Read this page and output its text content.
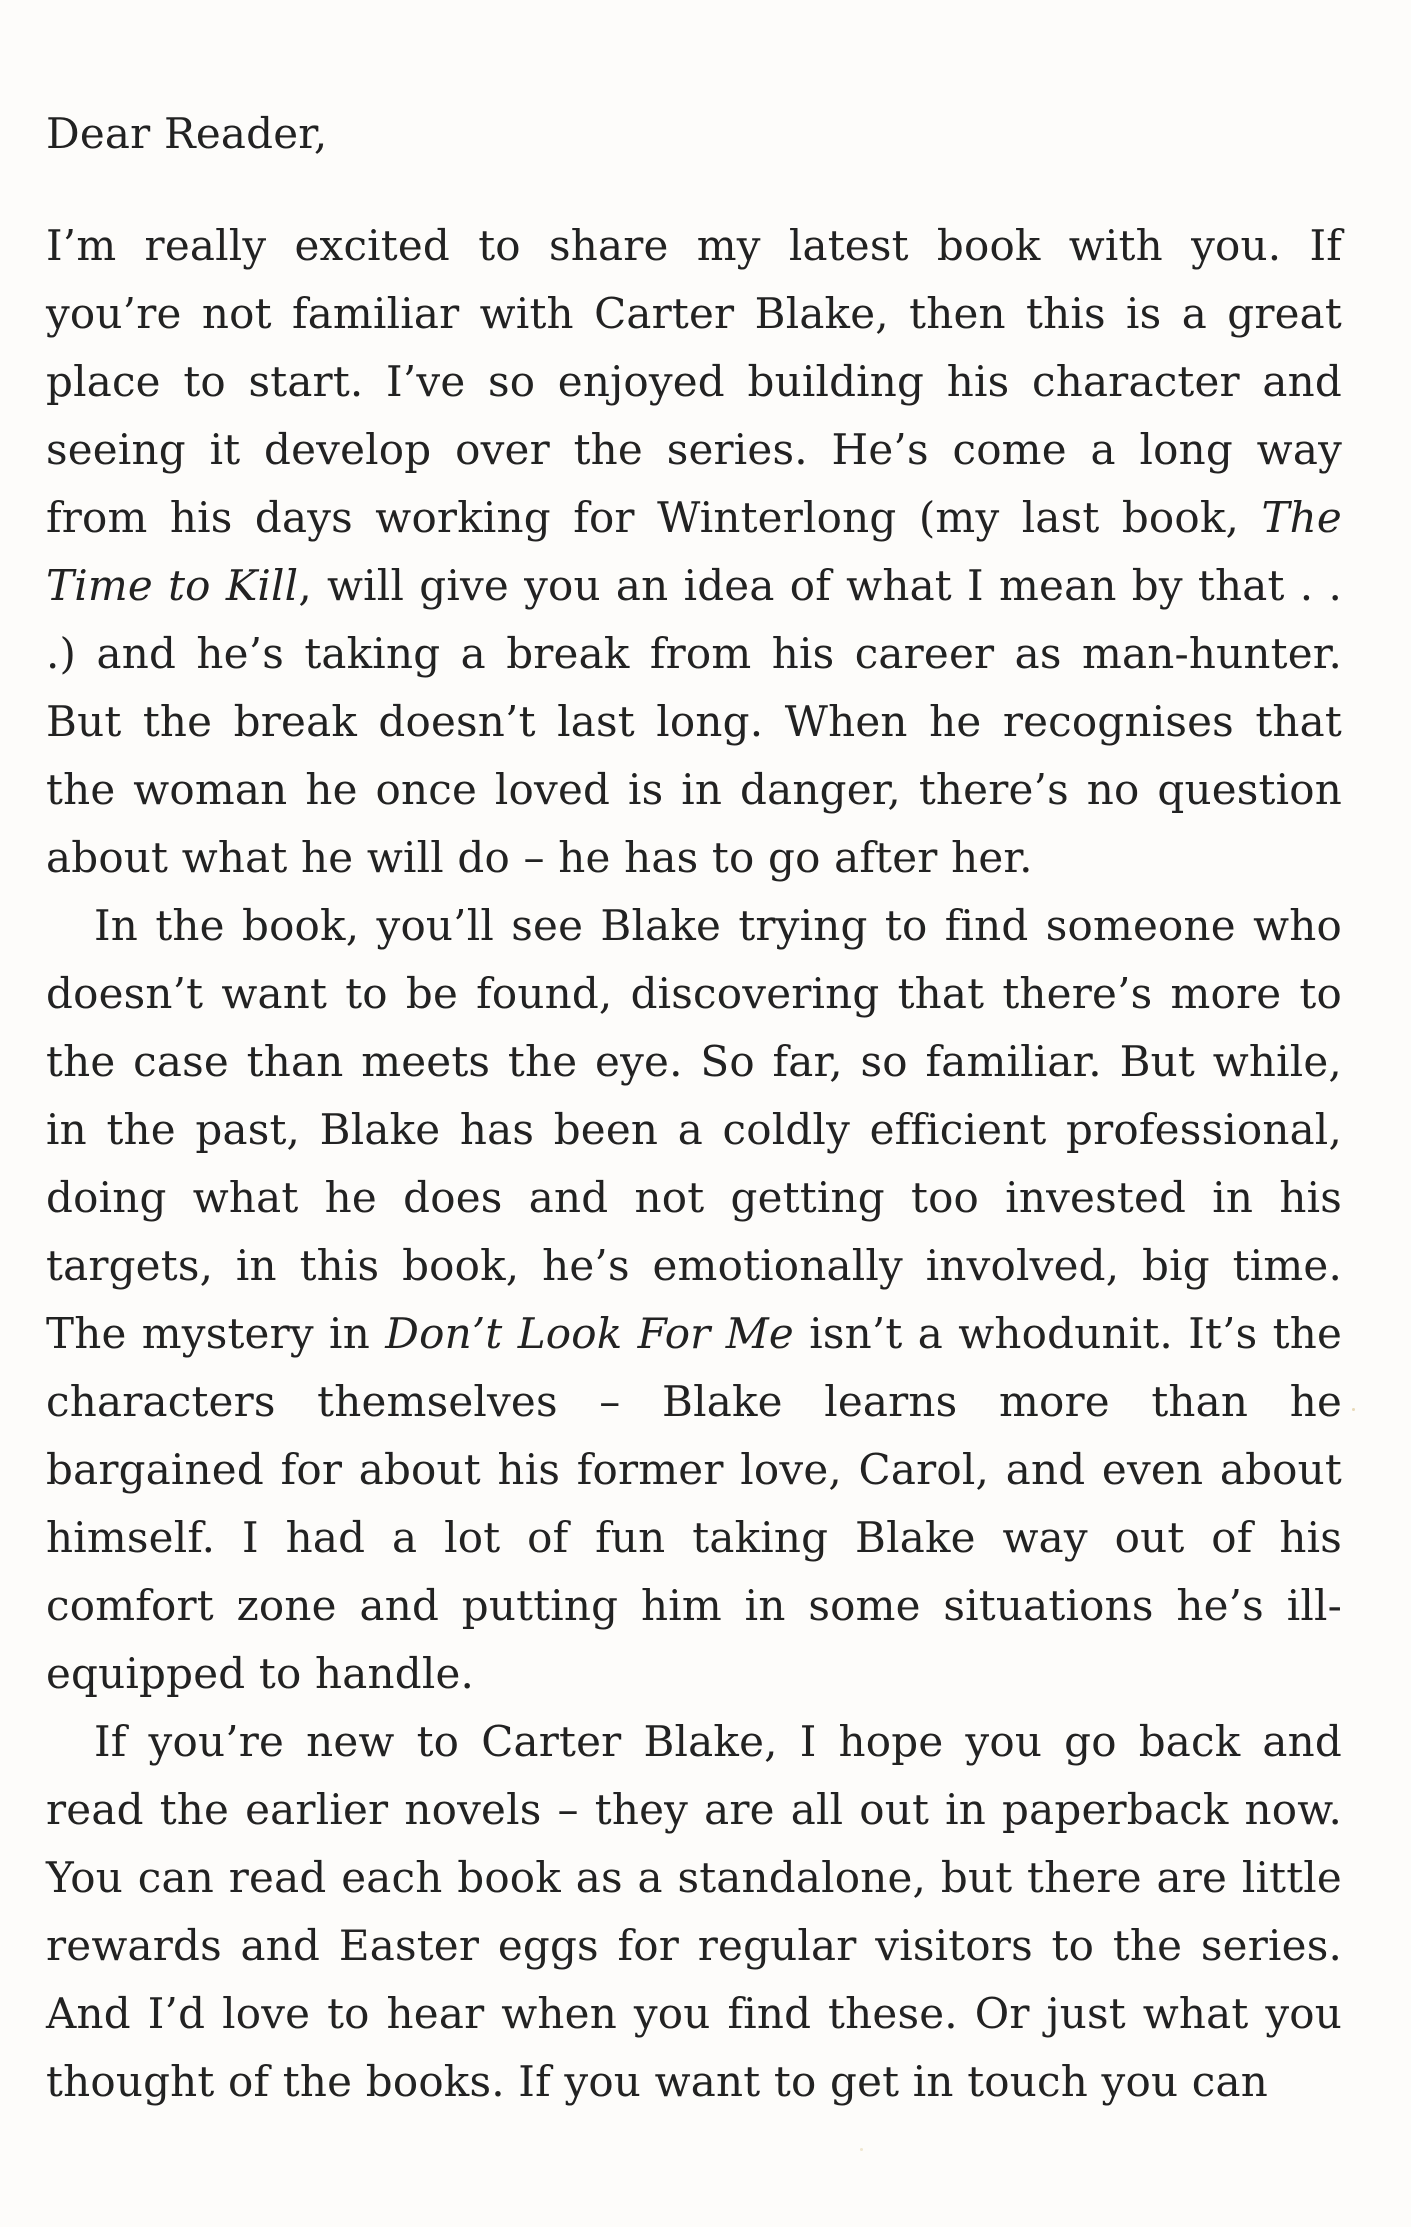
Dear Reader,

I’m really excited to share my latest book with you. If you’re not familiar with Carter Blake, then this is a great place to start. I’ve so enjoyed building his character and seeing it develop over the series. He’s come a long way from his days working for Winterlong (my last book, The Time to Kill, will give you an idea of what I mean by that . . .) and he’s taking a break from his career as man-hunter. But the break doesn’t last long. When he recognises that the woman he once loved is in danger, there’s no question about what he will do – he has to go after her.

In the book, you’ll see Blake trying to find someone who doesn’t want to be found, discovering that there’s more to the case than meets the eye. So far, so familiar. But while, in the past, Blake has been a coldly efficient professional, doing what he does and not getting too invested in his targets, in this book, he’s emotionally involved, big time. The mystery in Don’t Look For Me isn’t a whodunit. It’s the characters themselves – Blake learns more than he bargained for about his former love, Carol, and even about himself. I had a lot of fun taking Blake way out of his comfort zone and putting him in some situations he’s ill-equipped to handle.

If you’re new to Carter Blake, I hope you go back and read the earlier novels – they are all out in paperback now. You can read each book as a standalone, but there are little rewards and Easter eggs for regular visitors to the series. And I’d love to hear when you find these. Or just what you thought of the books. If you want to get in touch you can
